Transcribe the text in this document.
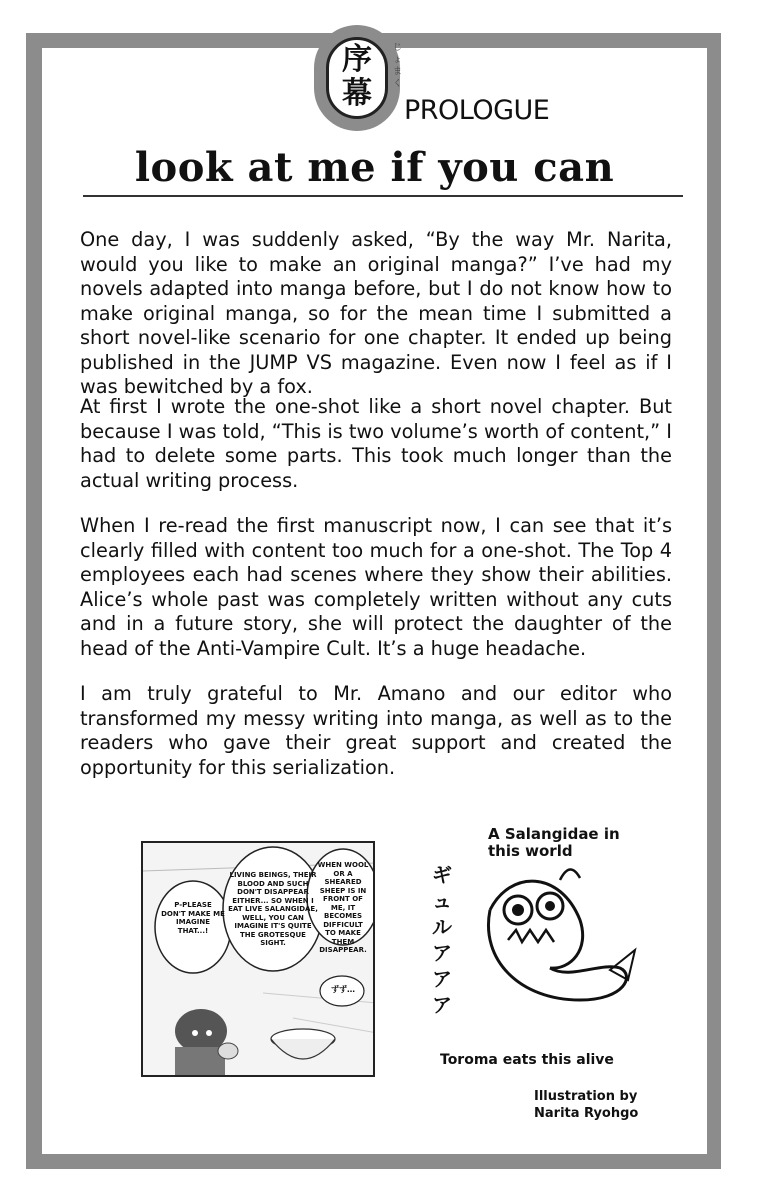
序
幕
じょまく
PROLOGUE
look at me if you can

One day, I was suddenly asked, “By the way Mr. Narita, would you like to make an original manga?” I’ve had my novels adapted into manga before, but I do not know how to make original manga, so for the mean time I submitted a short novel-like scenario for one chapter. It ended up being published in the JUMP VS magazine. Even now I feel as if I was bewitched by a fox.

At first I wrote the one-shot like a short novel chapter. But because I was told, “This is two volume’s worth of content,” I had to delete some parts. This took much longer than the actual writing process.

When I re-read the first manuscript now, I can see that it’s clearly filled with content too much for a one-shot. The Top 4 employees each had scenes where they show their abilities. Alice’s whole past was completely written without any cuts and in a future story, she will protect the daughter of the head of the Anti-Vampire Cult. It’s a huge headache.

I am truly grateful to Mr. Amano and our editor who transformed my messy writing into manga, as well as to the readers who gave their great support and created the opportunity for this serialization.

P-PLEASE DON'T MAKE ME IMAGINE THAT...!
LIVING BEINGS, THEIR BLOOD AND SUCH DON'T DISAPPEAR EITHER... SO WHEN I EAT LIVE SALANGIDAE, WELL, YOU CAN IMAGINE IT'S QUITE THE GROTESQUE SIGHT.
WHEN WOOL OR A SHEARED SHEEP IS IN FRONT OF ME, IT BECOMES DIFFICULT TO MAKE THEM DISAPPEAR.
ずず…
A Salangidae in this world
ギュルアアア
Toroma eats this alive
Illustration by
Narita Ryohgo
